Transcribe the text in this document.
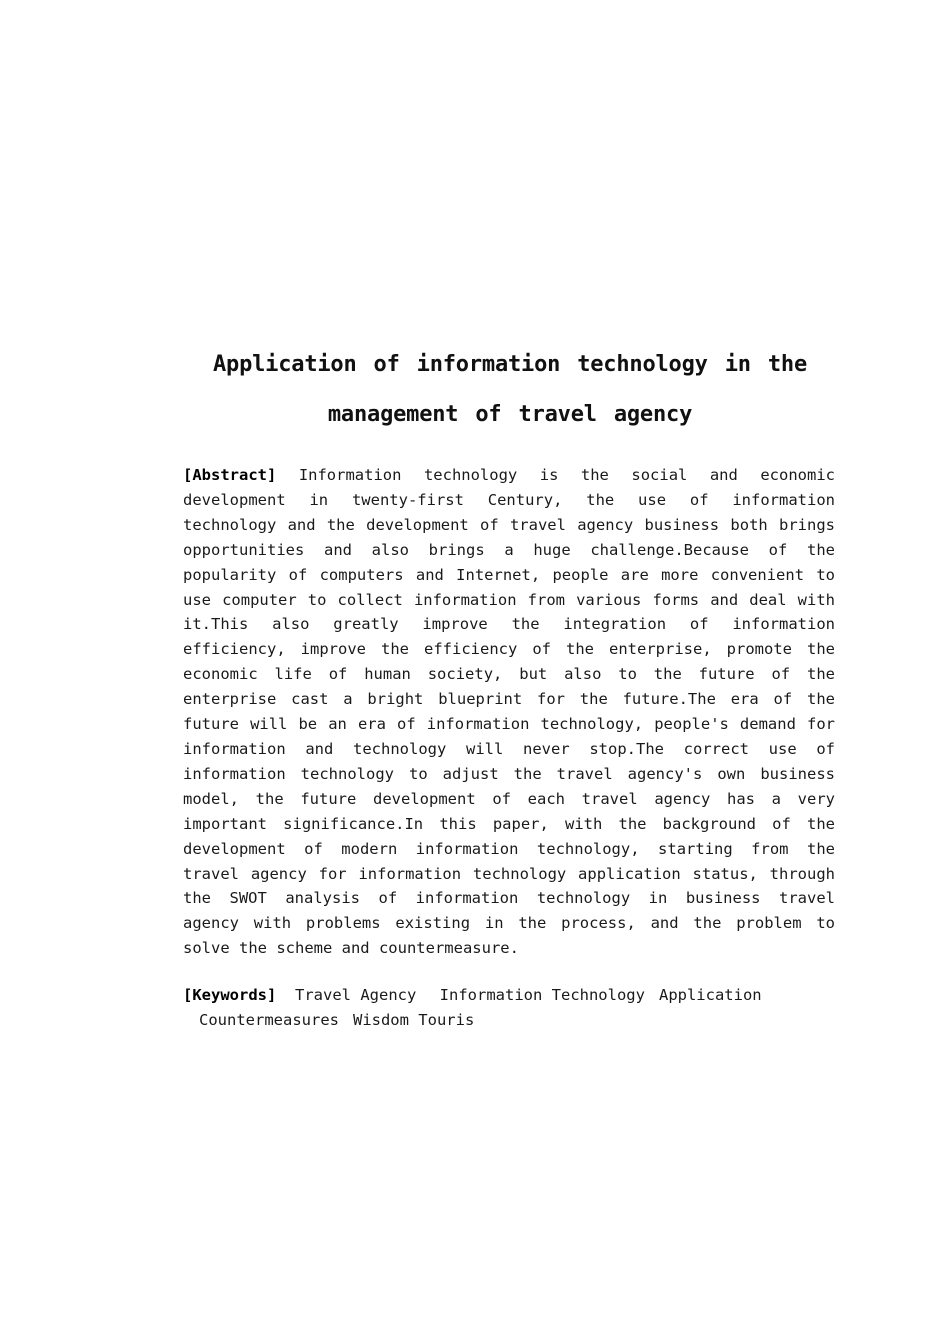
Application of information technology in the
management of travel agency
[Abstract] Information technology is the social and economic
development in twenty-first Century, the use of information
technology and the development of travel agency business both brings
opportunities and also brings a huge challenge.Because of the
popularity of computers and Internet, people are more convenient to
use computer to collect information from various forms and deal with
it.This also greatly improve the integration of information
efficiency, improve the efficiency of the enterprise, promote the
economic life of human society, but also to the future of the
enterprise cast a bright blueprint for the future.The era of the
future will be an era of information technology, people's demand for
information and technology will never stop.The correct use of
information technology to adjust the travel agency's own business
model, the future development of each travel agency has a very
important significance.In this paper, with the background of the
development of modern information technology, starting from the
travel agency for information technology application status, through
the SWOT analysis of information technology in business travel
agency with problems existing in the process, and the problem to
solve the scheme and countermeasure.
[Keywords] Travel Agency Information Technology Application
Countermeasures Wisdom Touris
